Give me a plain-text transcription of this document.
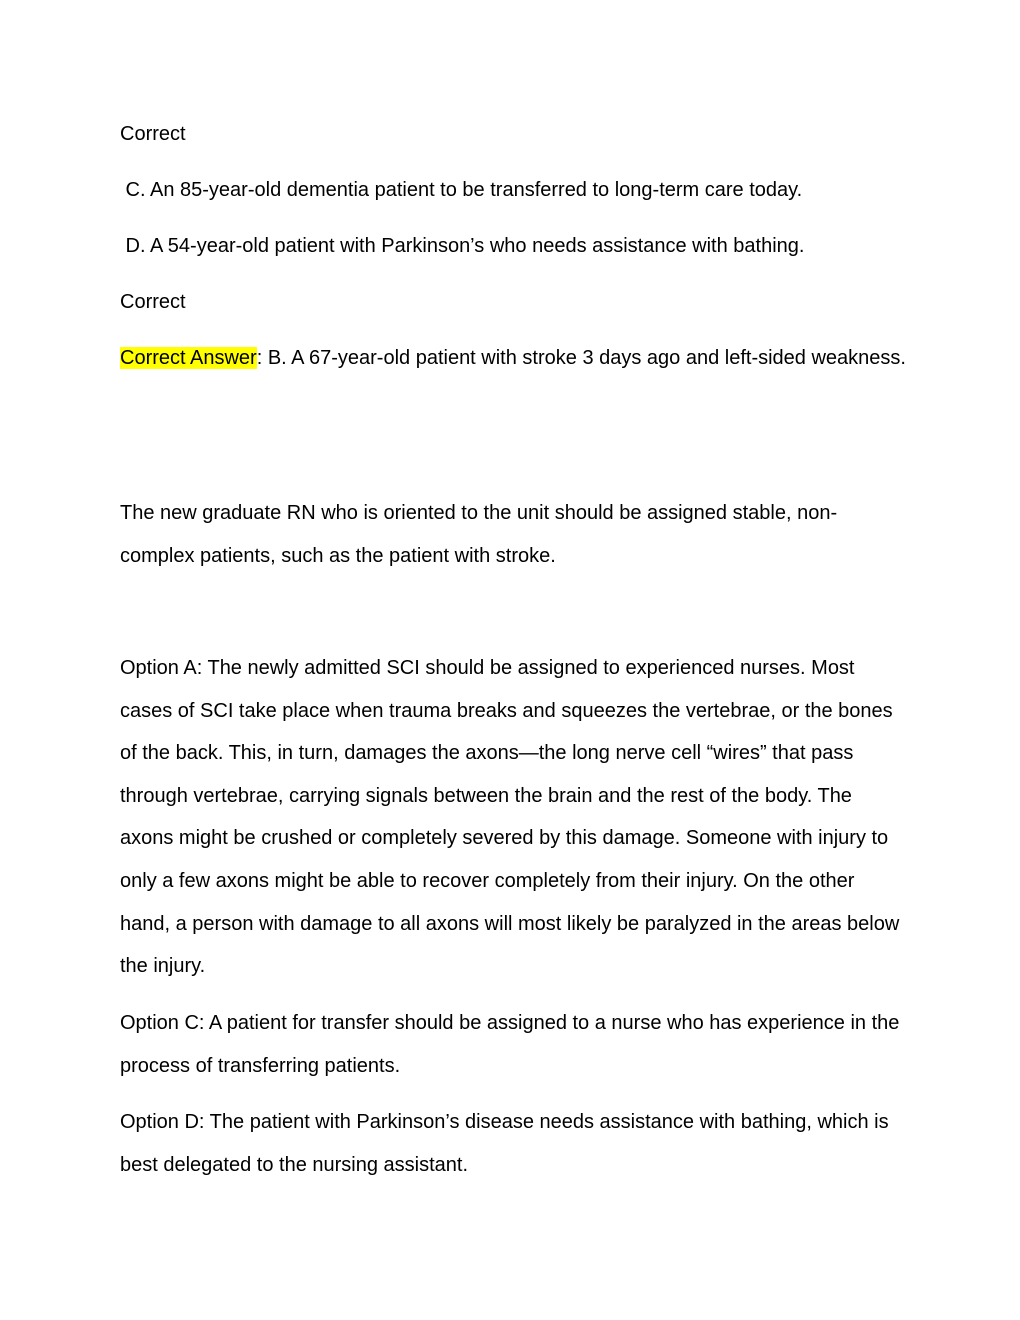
Correct

C. An 85-year-old dementia patient to be transferred to long-term care today.

D. A 54-year-old patient with Parkinson’s who needs assistance with bathing.

Correct

Correct Answer: B. A 67-year-old patient with stroke 3 days ago and left-sided weakness.

The new graduate RN who is oriented to the unit should be assigned stable, non-complex patients, such as the patient with stroke.

Option A: The newly admitted SCI should be assigned to experienced nurses. Most cases of SCI take place when trauma breaks and squeezes the vertebrae, or the bones of the back. This, in turn, damages the axons—the long nerve cell “wires” that pass through vertebrae, carrying signals between the brain and the rest of the body. The axons might be crushed or completely severed by this damage. Someone with injury to only a few axons might be able to recover completely from their injury. On the other hand, a person with damage to all axons will most likely be paralyzed in the areas below the injury.

Option C: A patient for transfer should be assigned to a nurse who has experience in the process of transferring patients.

Option D: The patient with Parkinson’s disease needs assistance with bathing, which is best delegated to the nursing assistant.
